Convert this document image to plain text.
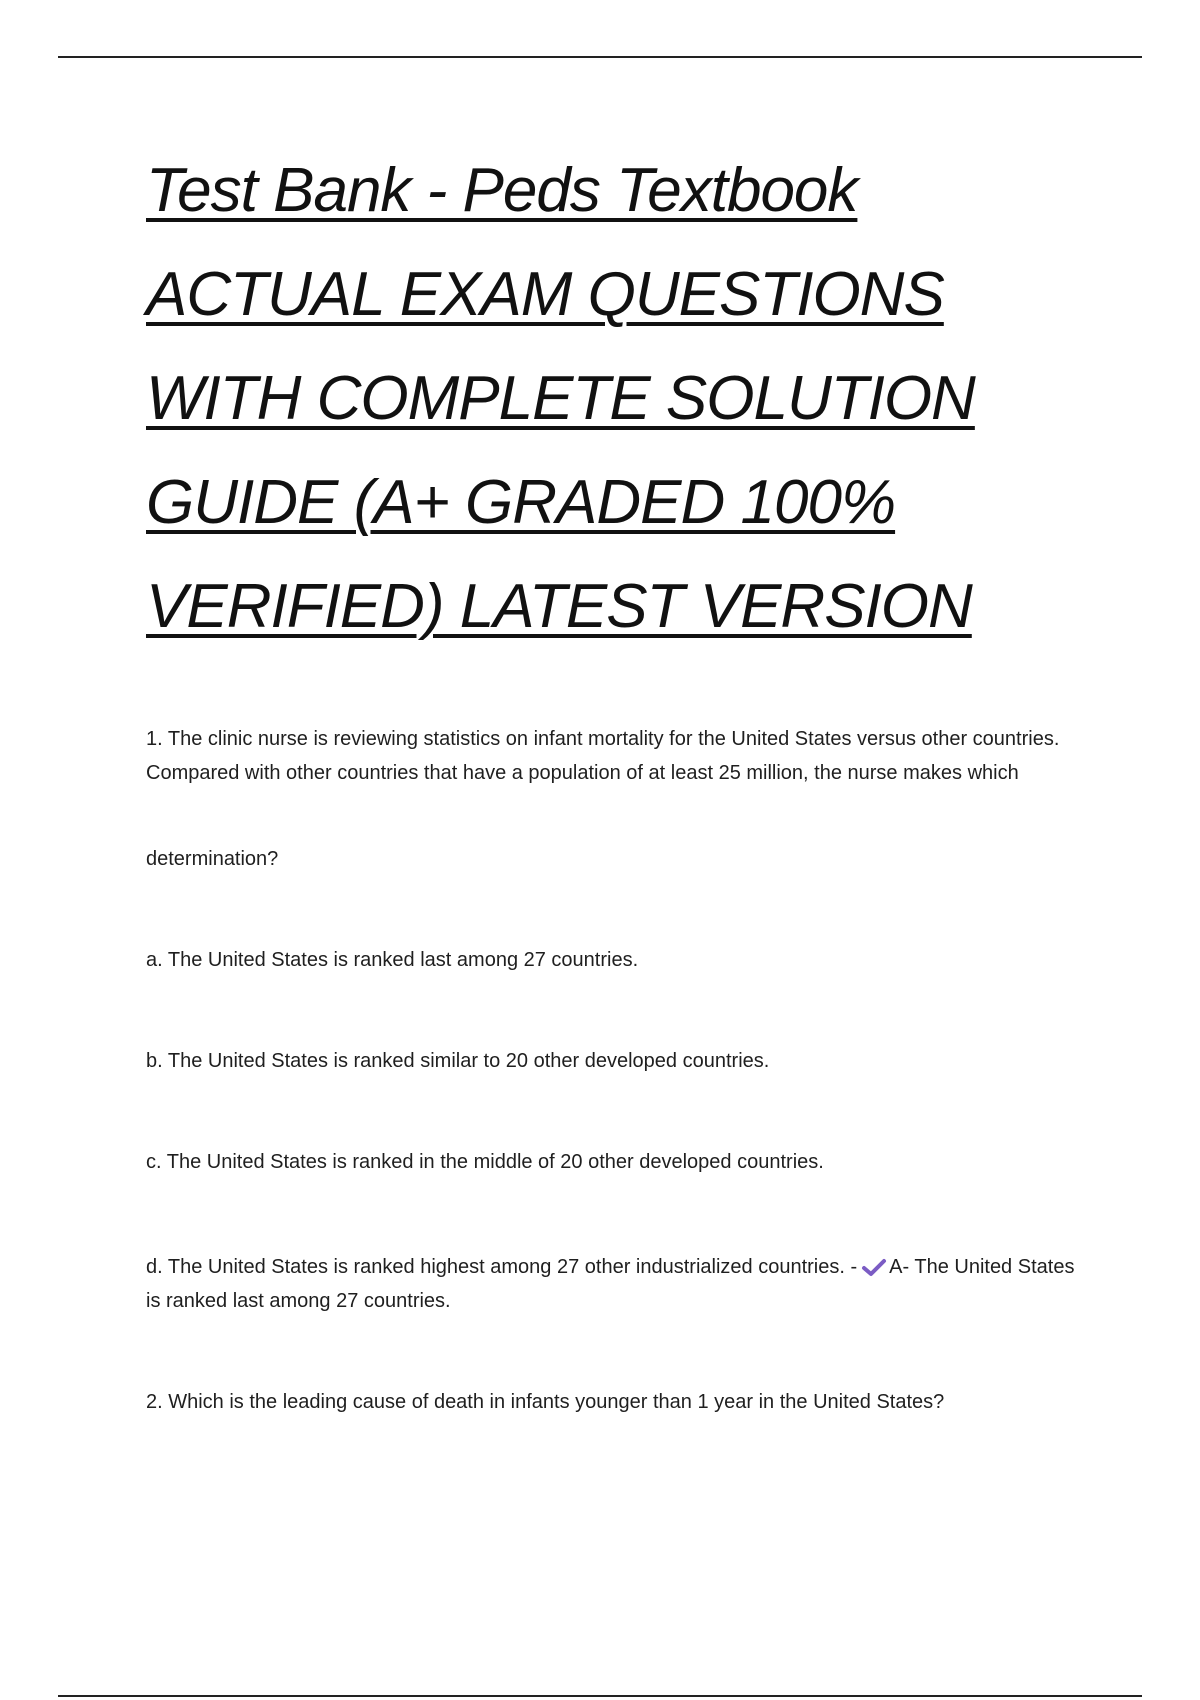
Test Bank - Peds Textbook
ACTUAL EXAM QUESTIONS
WITH COMPLETE SOLUTION
GUIDE (A+ GRADED 100%
VERIFIED) LATEST VERSION

1. The clinic nurse is reviewing statistics on infant mortality for the United States versus other countries. Compared with other countries that have a population of at least 25 million, the nurse makes which

determination?

a. The United States is ranked last among 27 countries.

b. The United States is ranked similar to 20 other developed countries.

c. The United States is ranked in the middle of 20 other developed countries.

d. The United States is ranked highest among 27 other industrialized countries. - A- The United States is ranked last among 27 countries.

2. Which is the leading cause of death in infants younger than 1 year in the United States?
